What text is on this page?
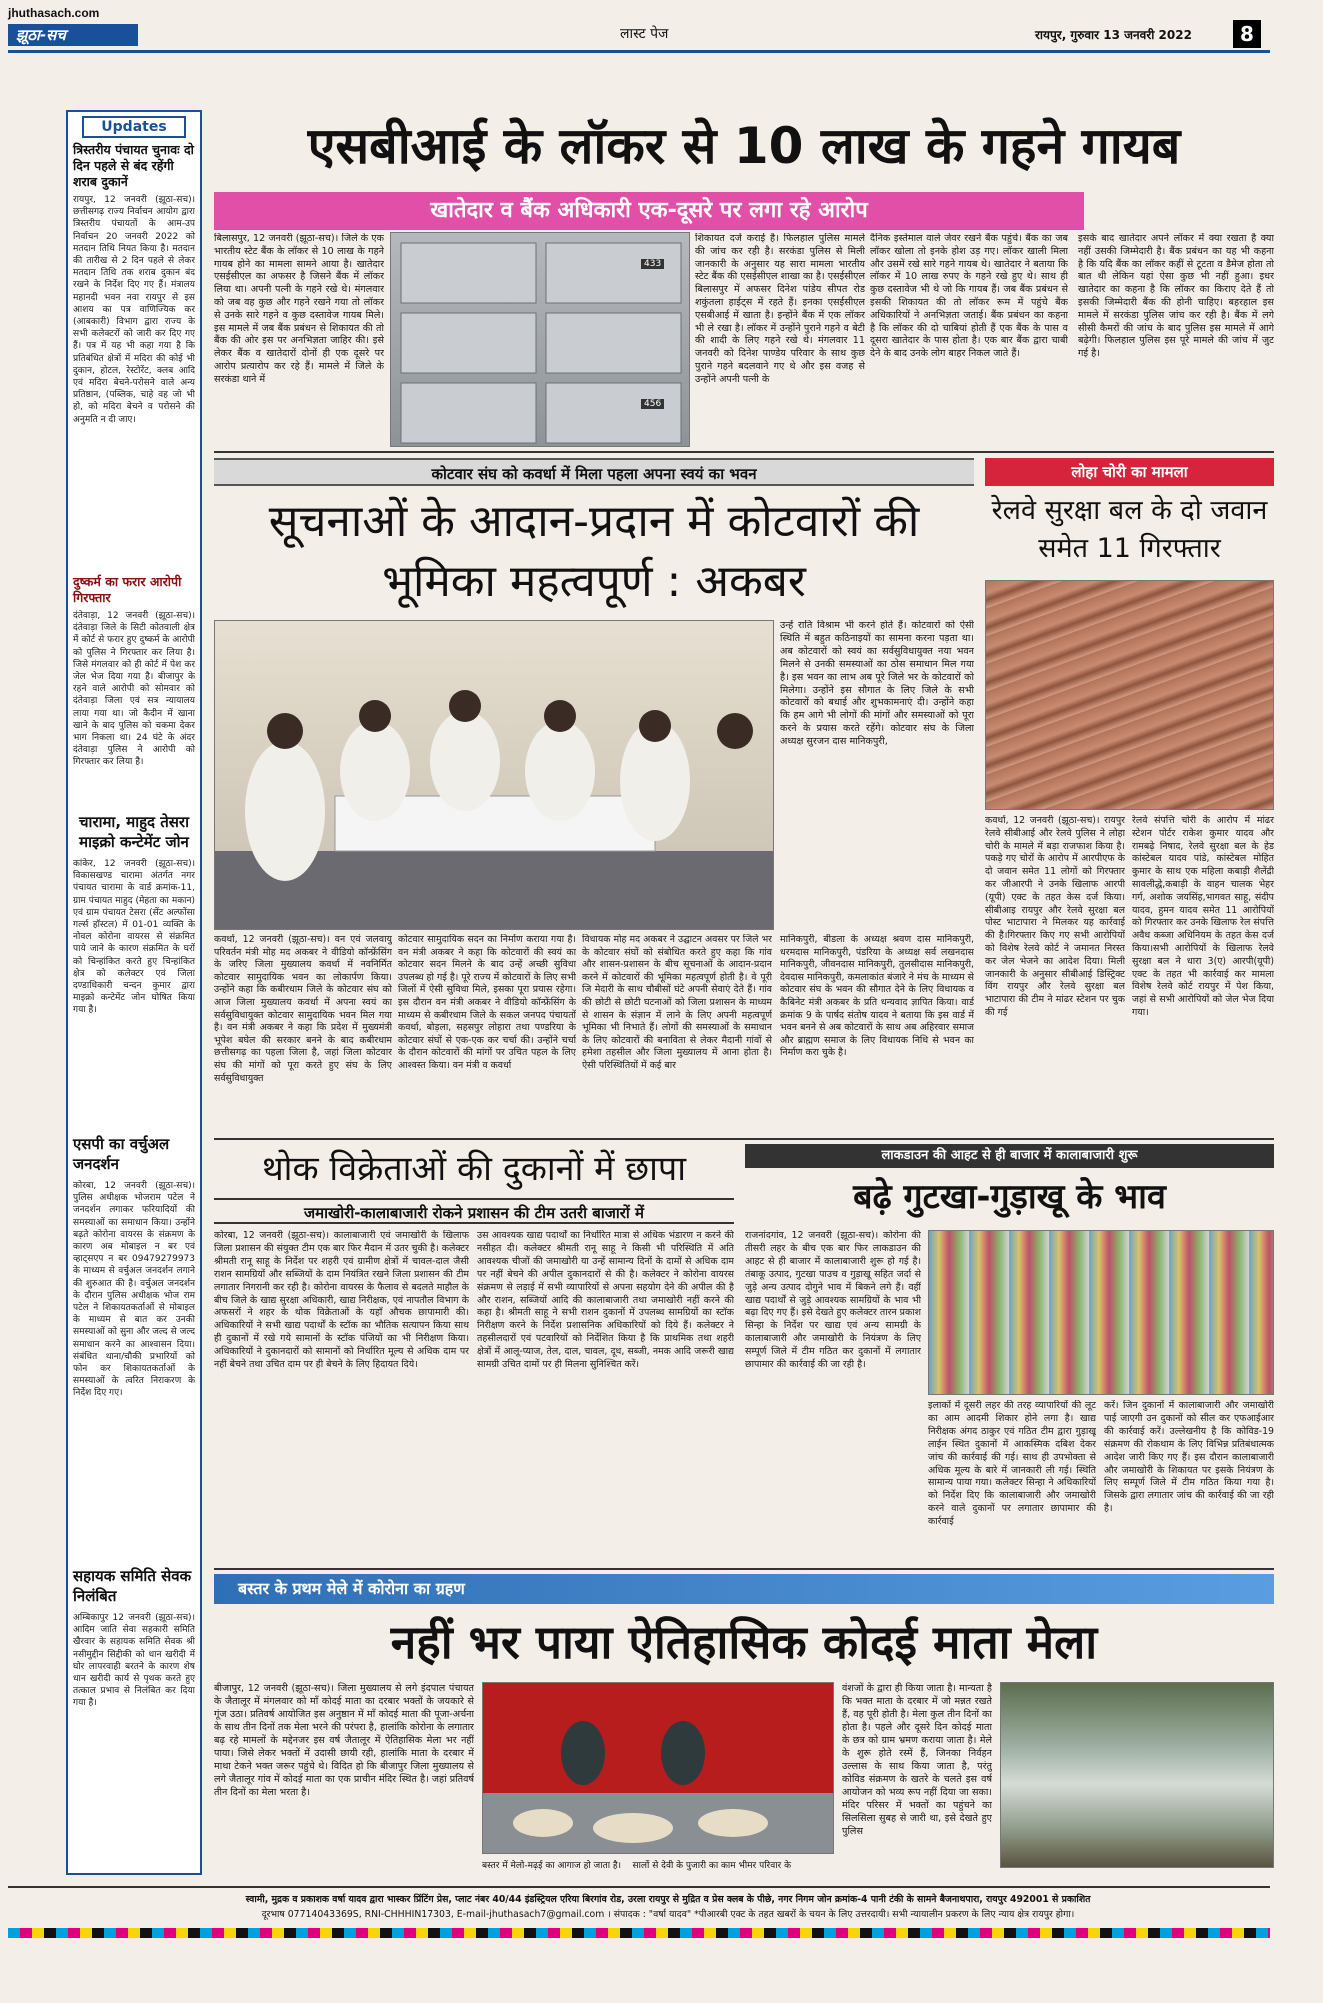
jhuthasach.com
झूठा-सच	लास्ट पेज	रायपुर, गुरुवार 13 जनवरी 2022	8
Updates
त्रिस्तरीय पंचायत चुनावः दो दिन पहले से बंद रहेंगी शराब दुकानें
रायपुर, 12 जनवरी (झूठा-सच)। छत्तीसगढ़ राज्य निर्वाचन आयोग द्वारा त्रिस्तरीय पंचायतों के आम-उप निर्वाचन 20 जनवरी 2022 को मतदान तिथि नियत किया है। मतदान की तारीख से 2 दिन पहले से लेकर मतदान तिथि तक शराब दुकान बंद रखने के निर्देश दिए गए हैं। मंत्रालय महानदी भवन नवा रायपुर से इस आशय का पत्र वाणिज्यिक कर (आबकारी) विभाग द्वारा राज्य के सभी कलेक्टरों को जारी कर दिए गए हैं। पत्र में यह भी कहा गया है कि प्रतिबंधित क्षेत्रों में मदिरा की कोई भी दुकान, होटल, रेस्टोरेंट, क्लब आदि एवं मदिरा बेचने-परोसने वाले अन्य प्रतिष्ठान, (पब्लिक, चाहे वह जो भी हो, को मदिरा बेचने व परोसने की अनुमति न दी जाए।
दुष्कर्म का फरार आरोपी गिरफ्तार
दंतेवाड़ा, 12 जनवरी (झूठा-सच)। दंतेवाड़ा जिले के सिटी कोतवाली क्षेत्र में कोर्ट से फरार हुए दुष्कर्म के आरोपी को पुलिस ने गिरफ्तार कर लिया है। जिसे मंगलवार को ही कोर्ट में पेश कर जेल भेज दिया गया है। बीजापुर के रहने वाले आरोपी को सोमवार को दंतेवाड़ा जिला एवं सत्र न्यायालय लाया गया था। जो कैदीन में खाना खाने के बाद पुलिस को चकमा देकर भाग निकला था। 24 घंटे के अंदर दंतेवाड़ा पुलिस ने आरोपी को गिरफ्तार कर लिया है।
चारामा, माहुद तेसरा माइक्रो कन्टेमेंट जोन
कांकेर, 12 जनवरी (झूठा-सच)। विकासखण्ड चारामा अंतर्गत नगर पंचायत चारामा के वार्ड क्रमांक-11, ग्राम पंचायत माहुद (मेहता का मकान) एवं ग्राम पंचायत टेसरा (सेंट अल्फोंसा गर्ल्स हॉस्टल) में 01-01 व्यक्ति के नोवल कोरोना वायरस से संक्रमित पाये जाने के कारण संक्रमित के घरों को चिन्हांकित करते हुए चिन्हांकित क्षेत्र को कलेक्टर एवं जिला दण्डाधिकारी चन्दन कुमार द्वारा माइक्रो कन्टेमेंट जोन घोषित किया गया है।
एसपी का वर्चुअल जनदर्शन
कोरबा, 12 जनवरी (झूठा-सच)। पुलिस अधीक्षक भोजराम पटेल ने जनदर्शन लगाकर फरियादियों की समस्याओं का समाधान किया। उन्होंने बढ़ते कोरोना वायरस के संक्रमण के कारण अब मोबाइल न बर एवं व्हाट्सएप न बर 09479279973 के माध्यम से वर्चुअल जनदर्शन लगाने की शुरुआत की है। वर्चुअल जनदर्शन के दौरान पुलिस अधीक्षक भोज राम पटेल ने शिकायतकर्ताओं से मोबाइल के माध्यम से बात कर उनकी समस्याओं को सुना और जल्द से जल्द समाधान करने का आश्वासन दिया। संबंधित थाना/चौकी प्रभारियों को फोन कर शिकायतकर्ताओं के समस्याओं के त्वरित निराकरण के निर्देश दिए गए।
सहायक समिति सेवक निलंबित
अम्बिकापुर 12 जनवरी (झूठा-सच)। आदिम जाति सेवा सहकारी समिति खैरवार के सहायक समिति सेवक श्री नसीमुद्दीन सिद्दीकी को धान खरीदी में घोर लापरवाही बरतने के कारण शेष धान खरीदी कार्य से पृथक करते हुए तत्काल प्रभाव से निलंबित कर दिया गया है।
एसबीआई के लॉकर से 10 लाख के गहने गायब
खातेदार व बैंक अधिकारी एक-दूसरे पर लगा रहे आरोप
433
456
बिलासपुर, 12 जनवरी (झूठा-सच)। जिले के एक भारतीय स्टेट बैंक के लॉकर से 10 लाख के गहने गायब होने का मामला सामने आया है। खातेदार एसईसीएल का अफसर है जिसने बैंक में लॉकर लिया था। अपनी पत्नी के गहने रखे थे। मंगलवार को जब वह कुछ और गहने रखने गया तो लॉकर से उनके सारे गहने व कुछ दस्तावेज गायब मिले। इस मामले में जब बैंक प्रबंधन से शिकायत की तो बैंक की ओर इस पर अनभिज्ञता जाहिर की। इसे लेकर बैंक व खातेदारों दोनों ही एक दूसरे पर आरोप प्रत्यारोप कर रहे हैं। मामले में जिले के सरकंडा थाने में
शिकायत दर्ज कराई है। फिलहाल पुलिस मामले की जांच कर रही है। सरकंडा पुलिस से मिली जानकारी के अनुसार यह सारा मामला भारतीय स्टेट बैंक की एसईसीएल शाखा का है। एसईसीएल बिलासपुर में अफसर दिनेश पांडेय सीपत रोड शकुंतला हाईट्स में रहते हैं। इनका एसईसीएल एसबीआई में खाता है। इन्होंने बैंक में एक लॉकर भी ले रखा है। लॉकर में उन्होंने पुराने गहने व बेटी की शादी के लिए गहने रखे थे। मंगलवार 11 जनवरी को दिनेश पाण्डेय परिवार के साथ कुछ पुराने गहने बदलवाने गए थे और इस वजह से उन्होंने अपनी पत्नी के
दैनिक इस्तेमाल वाले जेवर रखने बैंक पहुंचे। बैंक का जब लॉकर खोला तो इनके होश उड़ गए। लॉकर खाली मिला और उसमें रखे सारे गहने गायब थे। खातेदार ने बताया कि लॉकर में 10 लाख रुपए के गहने रखे हुए थे। साथ ही कुछ दस्तावेज भी थे जो कि गायब हैं। जब बैंक प्रबंधन से इसकी शिकायत की तो लॉकर रूम में पहुंचे बैंक अधिकारियों ने अनभिज्ञता जताई। बैंक प्रबंधन का कहना है कि लॉकर की दो चाबियां होती हैं एक बैंक के पास व दूसरा खातेदार के पास होता है। एक बार बैंक द्वारा चाबी देने के बाद उनके लोग बाहर निकल जाते हैं।
इसके बाद खातेदार अपने लॉकर में क्या रखता है क्या नहीं उसकी जिम्मेदारी है। बैंक प्रबंधन का यह भी कहना है कि यदि बैंक का लॉकर कहीं से टूटता व डैमेज होता तो बात थी लेकिन यहां ऐसा कुछ भी नहीं हुआ। इधर खातेदार का कहना है कि लॉकर का किराए देते हैं तो इसकी जिम्मेदारी बैंक की होनी चाहिए। बहरहाल इस मामले में सरकंडा पुलिस जांच कर रही है। बैंक में लगे सीसी कैमरों की जांच के बाद पुलिस इस मामले में आगे बढ़ेगी। फिलहाल पुलिस इस पूरे मामले की जांच में जुट गई है।
कोटवार संघ को कवर्धा में मिला पहला अपना स्वयं का भवन
सूचनाओं के आदान-प्रदान में कोटवारों की भूमिका महत्वपूर्ण : अकबर
उन्हें राति विश्राम भी करने होते हैं। कोटवारों को ऐसी स्थिति में बहुत कठिनाइयों का सामना करना पड़ता था। अब कोटवारों को स्वयं का सर्वसुविधायुक्त नया भवन मिलने से उनकी समस्याओं का ठोस समाधान मिल गया है। इस भवन का लाभ अब पूरे जिले भर के कोटवारों को मिलेगा। उन्होंने इस सौगात के लिए जिले के सभी कोटवारों को बधाई और शुभकामनाएं दी। उन्होंने कहा कि हम आगे भी लोगों की मांगों और समस्याओं को पूरा करने के प्रयास करते रहेंगे। कोटवार संघ के जिला अध्यक्ष सुरजन दास मानिकपुरी,
कवर्धा, 12 जनवरी (झूठा-सच)। वन एवं जलवायु परिवर्तन मंत्री मोह मद अकबर ने वीडियो कॉन्फ्रेंसिंग के जरिए जिला मुख्यालय कवर्धा में नवनिर्मित कोटवार सामुदायिक भवन का लोकार्पण किया। उन्होंने कहा कि कबीरधाम जिले के कोटवार संघ को आज जिला मुख्यालय कवर्धा में अपना स्वयं का सर्वसुविधायुक्त कोटवार सामुदायिक भवन मिल गया है। वन मंत्री अकबर ने कहा कि प्रदेश में मुख्यमंत्री भूपेश बघेल की सरकार बनने के बाद कबीरधाम छत्तीसगढ़ का पहला जिला है, जहां जिला कोटवार संघ की मांगों को पूरा करते हुए संघ के लिए सर्वसुविधायुक्त
कोटवार सामुदायिक सदन का निर्माण कराया गया है। वन मंत्री अकबर ने कहा कि कोटवारों की स्वयं का कोटवार सदन मिलने के बाद उन्हें अच्छी सुविधा उपलब्ध हो गई है। पूरे राज्य में कोटवारों के लिए सभी जिलों में ऐसी सुविधा मिले, इसका पूरा प्रयास रहेगा। इस दौरान वन मंत्री अकबर ने वीडियो कॉन्फ्रेंसिंग के माध्यम से कबीरधाम जिले के सकल जनपद पंचायतों कवर्धा, बोड़ला, सहसपुर लोहारा तथा पण्डरिया के कोटवार संघों से एक-एक कर चर्चा की। उन्होंने चर्चा के दौरान कोटवारों की मांगों पर उचित पहल के लिए आश्वस्त किया। वन मंत्री व कवर्धा
विधायक मोह मद अकबर ने उद्घाटन अवसर पर जिले भर के कोटवार संघों को संबोधित करते हुए कहा कि गांव और शासन-प्रशासन के बीच सूचनाओं के आदान-प्रदान करने में कोटवारों की भूमिका महत्वपूर्ण होती है। वे पूरी जि मेदारी के साथ चौबीसों घंटे अपनी सेवाएं देते हैं। गांव की छोटी से छोटी घटनाओं को जिला प्रशासन के माध्यम से शासन के संज्ञान में लाने के लिए अपनी महत्वपूर्ण भूमिका भी निभाते हैं। लोगों की समस्याओं के समाधान के लिए कोटवारों की बनाविता से लेकर मैदानी गांवों से हमेशा तहसील और जिला मुख्यालय में आना होता है। ऐसी परिस्थितियों में कई बार
मानिकपुरी, बीडला के अध्यक्ष श्रवण दास मानिकपुरी, धरमदास मानिकपुरी, पंडरिया के अध्यक्ष सर्व लखनदास मानिकपुरी, जीवनदास मानिकपुरी, तुलसीदास मानिकपुरी, देवदास मानिकपुरी, कमलाकांत बंजारे ने मंच के माध्यम से कोटवार संघ के भवन की सौगात देने के लिए विधायक व कैबिनेट मंत्री अकबर के प्रति धन्यवाद ज्ञापित किया। वार्ड क्रमांक 9 के पार्षद संतोष यादव ने बताया कि इस वार्ड में भवन बनने से अब कोटवारों के साथ अब अहिरवार समाज और ब्राह्मण समाज के लिए विधायक निधि से भवन का निर्माण करा चुके है।
लोहा चोरी का मामला
रेलवे सुरक्षा बल के दो जवान समेत 11 गिरफ्तार
कवर्धा, 12 जनवरी (झूठा-सच)। रायपुर रेलवे सीबीआई और रेलवे पुलिस ने लोहा चोरी के मामले में बड़ा राजफाश किया है। पकड़े गए चोरों के आरोप में आरपीएफ के दो जवान समेत 11 लोगों को गिरफ्तार कर जीआरपी ने उनके खिलाफ आरपी (यूपी) एक्ट के तहत केस दर्ज किया। सीबीआइ रायपुर और रेलवे सुरक्षा बल पोस्ट भाटापारा ने मिलकर यह कार्रवाई की है।गिरफ्तार किए गए सभी आरोपियों को विशेष रेलवे कोर्ट ने जमानत निरस्त कर जेल भेजने का आदेश दिया। मिली जानकारी के अनुसार सीबीआई डिस्ट्रिक्ट विंग रायपुर और रेलवे सुरक्षा बल भाटापारा की टीम ने मांढर स्टेशन पर चुक की गई
रेलवे संपत्ति चोरी के आरोप में मांढर स्टेशन पोर्टर राकेश कुमार यादव और रामबढ़े निषाद, रेलवे सुरक्षा बल के हेड कांस्टेबल यादव पांडे, कांस्टेबल मोहित कुमार के साथ एक महिला कबाड़ी शैलेंद्री सावलीद्धे,कबाड़ी के वाहन चालक भेहर गर्ग, अशोक जयसिंह,भागवत साहू, संदीप यादव, हुमन यादव समेत 11 आरोपियों को गिरफ्तार कर उनके खिलाफ रेल संपत्ति अवैध कब्जा अधिनियम के तहत केस दर्ज किया।सभी आरोपियों के खिलाफ रेलवे सुरक्षा बल ने धारा 3(ए) आरपी(यूपी) एक्ट के तहत भी कार्रवाई कर मामला विशेष रेलवे कोर्ट रायपुर में पेश किया, जहां से सभी आरोपियों को जेल भेज दिया गया।
थोक विक्रेताओं की दुकानों में छापा
जमाखोरी-कालाबाजारी रोकने प्रशासन की टीम उतरी बाजारों में
कोरबा, 12 जनवरी (झूठा-सच)। कालाबाजारी एवं जमाखोरी के खिलाफ जिला प्रशासन की संयुक्त टीम एक बार फिर मैदान में उतर चुकी है। कलेक्टर श्रीमती रानू साहू के निर्देश पर शहरी एवं ग्रामीण क्षेत्रों में चावल-दाल जैसी राशन सामग्रियों और सब्जियों के दाम नियंत्रित रखने जिला प्रशासन की टीम लगातार निगरानी कर रही है। कोरोना वायरस के फैलाव से बदलते माहौल के बीच जिले के खाद्य सुरक्षा अधिकारी, खाद्य निरीक्षक, एवं नापतौल विभाग के अफसरों ने शहर के थोक विक्रेताओं के यहाँ औचक छापामारी की। अधिकारियों ने सभी खाद्य पदार्थों के स्टॉक का भौतिक सत्यापन किया साथ ही दुकानों में रखे गये सामानों के स्टॉक पंजियों का भी निरीक्षण किया। अधिकारियों ने दुकानदारों को सामानों को निर्धारित मूल्य से अधिक दाम पर नहीं बेचने तथा उचित दाम पर ही बेचने के लिए हिदायत दिये।
उस आवश्यक खाद्य पदार्थों का निर्धारित मात्रा से अधिक भंडारण न करने की नसीहत दी। कलेक्टर श्रीमती रानू साहू ने किसी भी परिस्थिति में अति आवश्यक चीजों की जमाखोरी या उन्हें सामान्य दिनों के दामों से अधिक दाम पर नहीं बेचने की अपील दुकानदारों से की है। कलेक्टर ने कोरोना वायरस संक्रमण से लड़ाई में सभी व्यापारियों से अपना सहयोग देने की अपील की है और राशन, सब्जियों आदि की कालाबाजारी तथा जमाखोरी नहीं करने की कहा है। श्रीमती साहू ने सभी राशन दुकानों में उपलब्ध सामग्रियों का स्टॉक निरीक्षण करने के निर्देश प्रशासनिक अधिकारियों को दिये हैं। कलेक्टर ने तहसीलदारों एवं पटवारियों को निर्देशित किया है कि प्राथमिक तथा शहरी क्षेत्रों में आलू-प्याज, तेल, दाल, चावल, दूध, सब्जी, नमक आदि जरूरी खाद्य सामग्री उचित दामों पर ही मिलना सुनिश्चित करें।
लाकडाउन की आहट से ही बाजार में कालाबाजारी शुरू
बढ़े गुटखा-गुड़ाखू के भाव
राजनांदगांव, 12 जनवरी (झूठा-सच)। कोरोना की तीसरी लहर के बीच एक बार फिर लाकडाउन की आहट से ही बाजार में कालाबाजारी शुरू हो गई है। तंबाकू उत्पाद, गुटखा पाउच व गुड़ाखू सहित जर्दा से जुड़े अन्य उत्पाद दोगुने भाव में बिकने लगे हैं। वहीं खाद्य पदार्थों से जुड़े आवश्यक सामग्रियों के भाव भी बढ़ा दिए गए हैं। इसे देखते हुए कलेक्टर तारन प्रकाश सिन्हा के निर्देश पर खाद्य एवं अन्य सामग्री के कालाबाजारी और जमाखोरी के नियंत्रण के लिए सम्पूर्ण जिले में टीम गठित कर दुकानों में लगातार छापामार की कार्रवाई की जा रही है।
इलाकों में दूसरी लहर की तरह व्यापारियों की लूट का आम आदमी शिकार होने लगा है। खाद्य निरीक्षक अंगद ठाकुर एवं गठित टीम द्वारा गुड़ाखू लाईन स्थित दुकानों में आकस्मिक दबिश देकर जांच की कार्रवाई की गई। साथ ही उपभोक्ता से अधिक मूल्य के बारे में जानकारी ली गई। स्थिति सामान्य पाया गया। कलेक्टर सिन्हा ने अधिकारियों को निर्देश दिए कि कालाबाजारी और जमाखोरी करने वाले दुकानों पर लगातार छापामार की कार्रवाई
करें। जिन दुकानों में कालाबाजारी और जमाखोरी पाई जाएगी उन दुकानों को सील कर एफआईआर की कार्रवाई करें। उल्लेखनीय है कि कोविड-19 संक्रमण की रोकथाम के लिए विभिन्न प्रतिबंधात्मक आदेश जारी किए गए हैं। इस दौरान कालाबाजारी और जमाखोरी के शिकायत पर इसके नियंत्रण के लिए सम्पूर्ण जिले में टीम गठित किया गया है। जिसके द्वारा लगातार जांच की कार्रवाई की जा रही है।
बस्तर के प्रथम मेले में कोरोना का ग्रहण
नहीं भर पाया ऐतिहासिक कोदई माता मेला
बीजापुर, 12 जनवरी (झूठा-सच)। जिला मुख्यालय से लगे इंदपाल पंचायत के जैतालूर में मंगलवार को माँ कोदई माता का दरबार भक्तों के जयकारे से गूंज उठा। प्रतिवर्ष आयोजित इस अनुष्ठान में माँ कोदई माता की पूजा-अर्चना के साथ तीन दिनों तक मेला भरने की परंपरा है, हालांकि कोरोना के लगातार बढ़ रहे मामलों के मद्देनजर इस वर्ष जैतालूर में ऐतिहासिक मेला भर नहीं पाया। जिसे लेकर भक्तों में उदासी छायी रही, हालांकि माता के दरबार में माथा टेकने भक्त जरूर पहुंचे थे। विदित हो कि बीजापुर जिला मुख्यालय से लगे जैतालूर गांव में कोदई माता का एक प्राचीन मंदिर स्थित है। जहां प्रतिवर्ष तीन दिनों का मेला भरता है।
बस्तर में मेलो-मढ़ई का आगाज हो जाता है।    सालों से देवी के पुजारी का काम भीमर परिवार के
वंशजों के द्वारा ही किया जाता है। मान्यता है कि भक्त माता के दरबार में जो मन्नत रखते हैं, वह पूरी होती है। मेला कुल तीन दिनों का होता है। पहले और दूसरे दिन कोदई माता के छत्र को ग्राम भ्रमण कराया जाता है। मेले के शुरू होते रस्में हैं, जिनका निर्वहन उल्लास के साथ किया जाता है, परंतु कोविड संक्रमण के खतरे के चलते इस वर्ष आयोजन को भव्य रूप नहीं दिया जा सका। मंदिर परिसर में भक्तों का पहुंचने का सिलसिला सुबह से जारी था, इसे देखते हुए पुलिस
स्वामी, मुद्रक व प्रकाशक वर्षा यादव द्वारा भास्कर प्रिंटिंग प्रेस, प्लाट नंबर 40/44 इंडस्ट्रियल एरिया बिरगांव रोड, उरला रायपुर से मुद्रित व प्रेस क्लब के पीछे, नगर निगम जोन क्रमांक-4 पानी टंकी के सामने बैजनाथपारा, रायपुर 492001 से प्रकाशित
दूरभाष 07714043369S, RNI-CHHHIN17303, E-mail-jhuthasach7@gmail.com । संपादक : "वर्षा यादव" *पीआरबी एक्ट के तहत खबरों के चयन के लिए उत्तरदायी। सभी न्यायालीन प्रकरण के लिए न्याय क्षेत्र रायपुर होगा।
